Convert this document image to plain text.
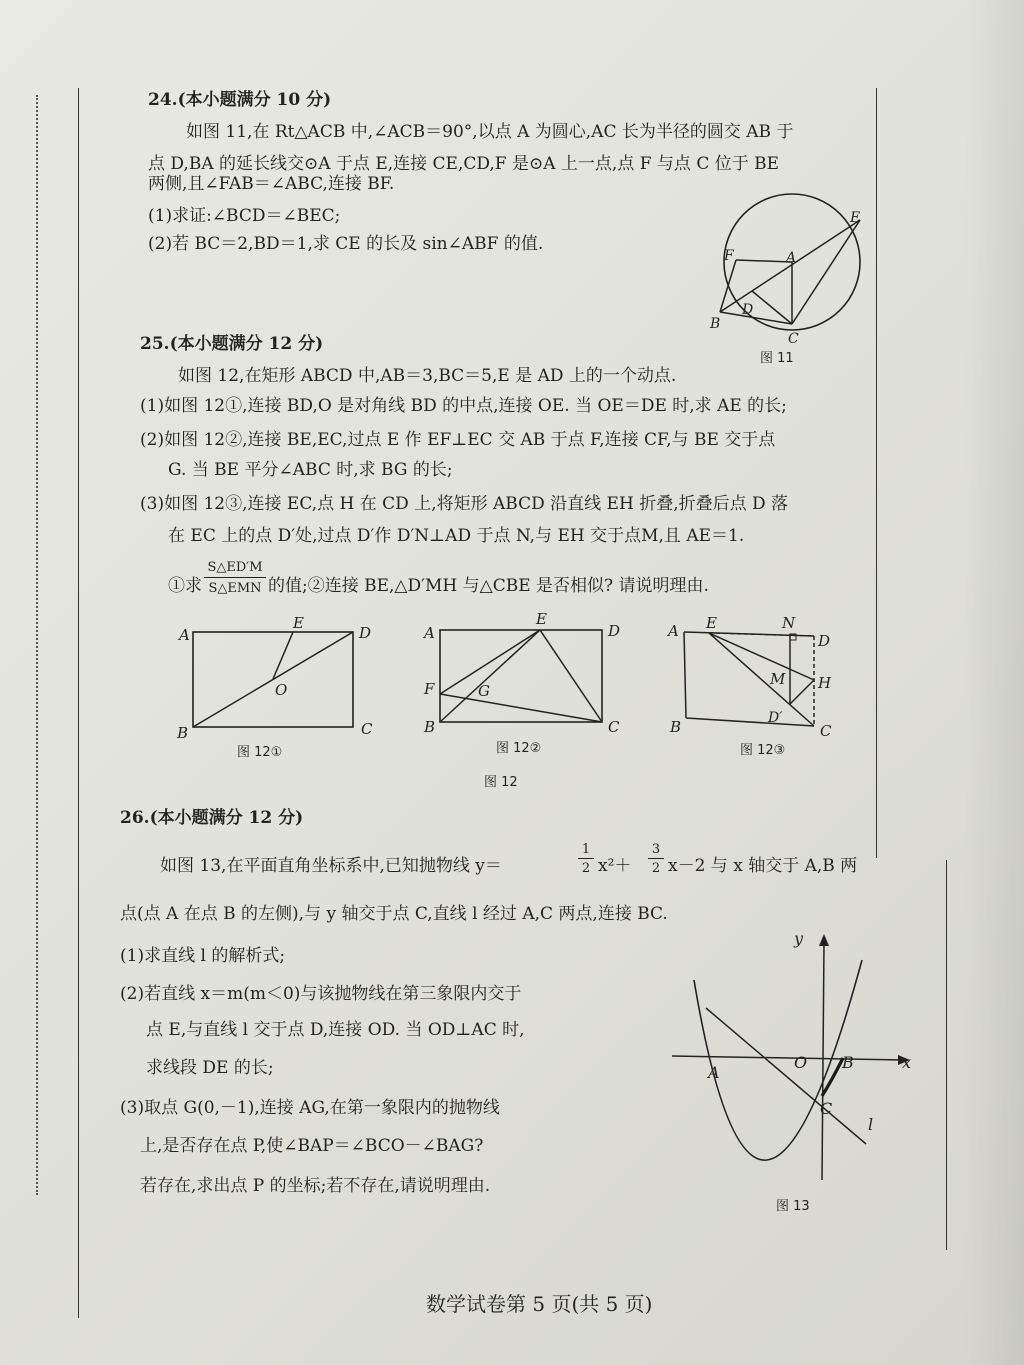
24.(本小题满分 10 分)
如图 11,在 Rt△ACB 中,∠ACB＝90°,以点 A 为圆心,AC 长为半径的圆交 AB 于
点 D,BA 的延长线交⊙A 于点 E,连接 CE,CD,F 是⊙A 上一点,点 F 与点 C 位于 BE
两侧,且∠FAB＝∠ABC,连接 BF.
(1)求证:∠BCD＝∠BEC;
(2)若 BC＝2,BD＝1,求 CE 的长及 sin∠ABF 的值.
E
F	A
D
B
C
图 11
25.(本小题满分 12 分)
如图 12,在矩形 ABCD 中,AB＝3,BC＝5,E 是 AD 上的一个动点.
(1)如图 12①,连接 BD,O 是对角线 BD 的中点,连接 OE. 当 OE＝DE 时,求 AE 的长;
(2)如图 12②,连接 BE,EC,过点 E 作 EF⊥EC 交 AB 于点 F,连接 CF,与 BE 交于点
G. 当 BE 平分∠ABC 时,求 BG 的长;
(3)如图 12③,连接 EC,点 H 在 CD 上,将矩形 ABCD 沿直线 EH 折叠,折叠后点 D 落
在 EC 上的点 D′处,过点 D′作 D′N⊥AD 于点 N,与 EH 交于点M,且 AE＝1.
①求
S△ED′M
S△EMN 的值;②连接 BE,△D′MH 与△CBE 是否相似? 请说明理由.
A
E
D
O
B	C
图 12①
A
E
D
F	G
B	C
图 12②
A E	N
D
M H
D′
B	C
图 12③
图 12
26.(本小题满分 12 分)
如图 13,在平面直角坐标系中,已知抛物线 y＝	$\frac{1}{2} x^2+ \frac{3}{2} x-2$ 与 x 轴交于 A,B 两
点(点 A 在点 B 的左侧),与 y 轴交于点 C,直线 l 经过 A,C 两点,连接 BC.
(1)求直线 l 的解析式;
(2)若直线 x＝m(m＜0)与该抛物线在第三象限内交于
点 E,与直线 l 交于点 D,连接 OD. 当 OD⊥AC 时,
求线段 DE 的长;
(3)取点 G(0,－1),连接 AG,在第一象限内的抛物线
上,是否存在点 P,使∠BAP＝∠BCO－∠BAG?
若存在,求出点 P 的坐标;若不存在,请说明理由.
y
x
O B
A
C
l
图 13
数学试卷第 5 页(共 5 页)
